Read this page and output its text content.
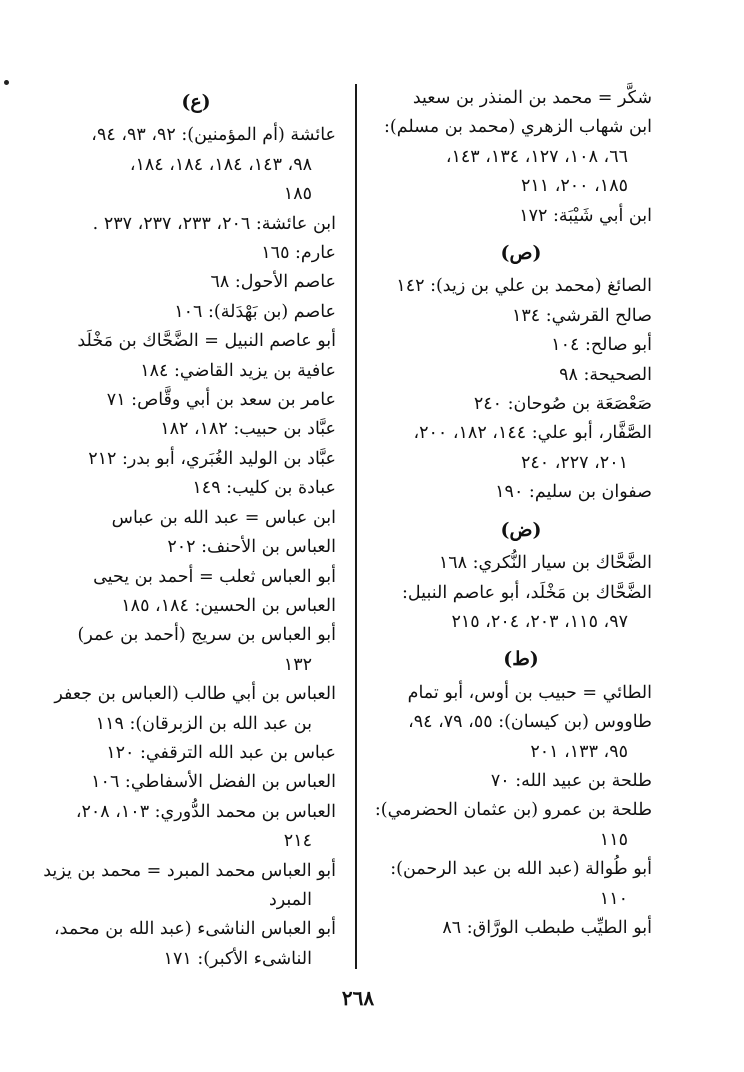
شكَّر = محمد بن المنذر بن سعيد
ابن شهاب الزهري (محمد بن مسلم):
٦٦، ١٠٨، ١٢٧، ١٣٤، ١٤٣،
١٨٥، ٢٠٠، ٢١١
ابن أبي شَيْبَة: ١٧٢
(ص)
الصائغ (محمد بن علي بن زيد): ١٤٢
صالح القرشي: ١٣٤
أبو صالح: ١٠٤
الصحيحة: ٩٨
صَعْصَعَة بن صُوحان: ٢٤٠
الصَّفَّار، أبو علي: ١٤٤، ١٨٢، ٢٠٠،
٢٠١، ٢٢٧، ٢٤٠
صفوان بن سليم: ١٩٠
(ض)
الضَّحَّاك بن سيار النُّكري: ١٦٨
الضَّحَّاك بن مَخْلَد، أبو عاصم النبيل:
٩٧، ١١٥، ٢٠٣، ٢٠٤، ٢١٥
(ط)
الطائي = حبيب بن أوس، أبو تمام
طاووس (بن كيسان): ٥٥، ٧٩، ٩٤،
٩٥، ١٣٣، ٢٠١
طلحة بن عبيد الله: ٧٠
طلحة بن عمرو (بن عثمان الحضرمي):
١١٥
أبو طُوالة (عبد الله بن عبد الرحمن):
١١٠
أبو الطيِّب طبطب الورَّاق: ٨٦
(ع)
عائشة (أم المؤمنين): ٩٢، ٩٣، ٩٤،
٩٨، ١٤٣، ١٨٤، ١٨٤، ١٨٤،
١٨٥
ابن عائشة: ٢٠٦، ٢٣٣، ٢٣٧، ٢٣٧ .
عارم: ١٦٥
عاصم الأحول: ٦٨
عاصم (بن بَهْدَلة): ١٠٦
أبو عاصم النبيل = الضَّحَّاك بن مَخْلَد
عافية بن يزيد القاضي: ١٨٤
عامر بن سعد بن أبي وقَّاص: ٧١
عبَّاد بن حبيب: ١٨٢، ١٨٢
عبَّاد بن الوليد الغُبَري، أبو بدر: ٢١٢
عبادة بن كليب: ١٤٩
ابن عباس = عبد الله بن عباس
العباس بن الأحنف: ٢٠٢
أبو العباس ثعلب = أحمد بن يحيى
العباس بن الحسين: ١٨٤، ١٨٥
أبو العباس بن سريج (أحمد بن عمر)
١٣٢
العباس بن أبي طالب (العباس بن جعفر
بن عبد الله بن الزبرقان): ١١٩
عباس بن عبد الله الترقفي: ١٢٠
العباس بن الفضل الأسفاطي: ١٠٦
العباس بن محمد الدُّوري: ١٠٣، ٢٠٨،
٢١٤
أبو العباس محمد المبرد = محمد بن يزيد
المبرد
أبو العباس الناشىء (عبد الله بن محمد،
الناشىء الأكبر): ١٧١
٢٦٨
